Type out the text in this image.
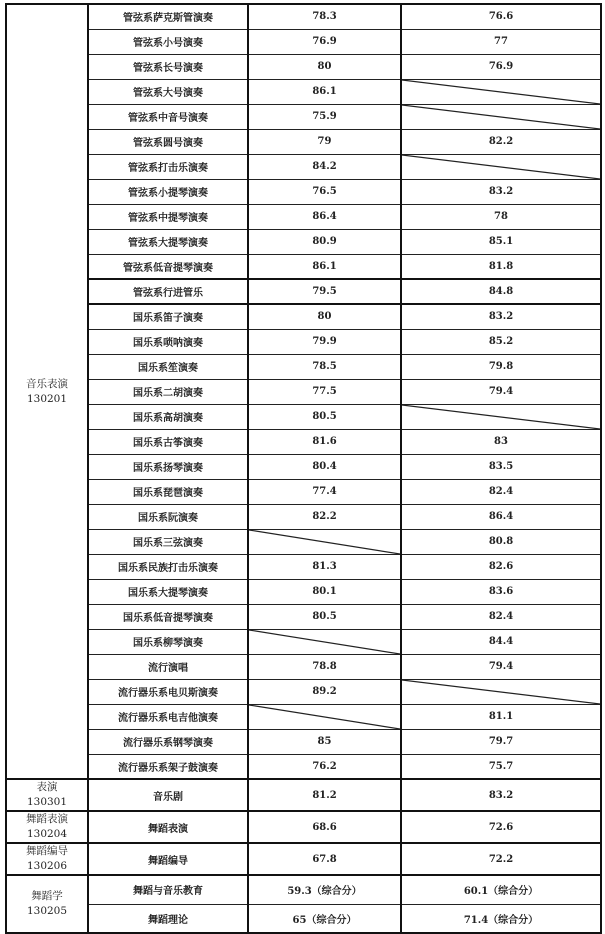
音乐表演
130201	管弦系萨克斯管演奏	78.3	76.6
	管弦系小号演奏	76.9	77
	管弦系长号演奏	80	76.9
	管弦系大号演奏	86.1	

	管弦系中音号演奏	75.9	

	管弦系圆号演奏	79	82.2
	管弦系打击乐演奏	84.2	

	管弦系小提琴演奏	76.5	83.2
	管弦系中提琴演奏	86.4	78
	管弦系大提琴演奏	80.9	85.1
	管弦系低音提琴演奏	86.1	81.8
	管弦系行进管乐	79.5	84.8
	国乐系笛子演奏	80	83.2
	国乐系唢呐演奏	79.9	85.2
	国乐系笙演奏	78.5	79.8
	国乐系二胡演奏	77.5	79.4
	国乐系高胡演奏	80.5	

	国乐系古筝演奏	81.6	83
	国乐系扬琴演奏	80.4	83.5
	国乐系琵琶演奏	77.4	82.4
	国乐系阮演奏	82.2	86.4
	国乐系三弦演奏		80.8
	国乐系民族打击乐演奏	81.3	82.6
	国乐系大提琴演奏	80.1	83.6
	国乐系低音提琴演奏	80.5	82.4
	国乐系柳琴演奏		84.4
	流行演唱	78.8	79.4
	流行器乐系电贝斯演奏	89.2	

	流行器乐系电吉他演奏		81.1
	流行器乐系钢琴演奏	85	79.7
	流行器乐系架子鼓演奏	76.2	75.7

表演
130301	音乐剧	81.2	83.2

舞蹈表演
130204	舞蹈表演	68.6	72.6

舞蹈编导
130206	舞蹈编导	67.8	72.2

舞蹈学
130205	舞蹈与音乐教育	59.3（综合分）	60.1（综合分）
	舞蹈理论	65（综合分）	71.4（综合分）
